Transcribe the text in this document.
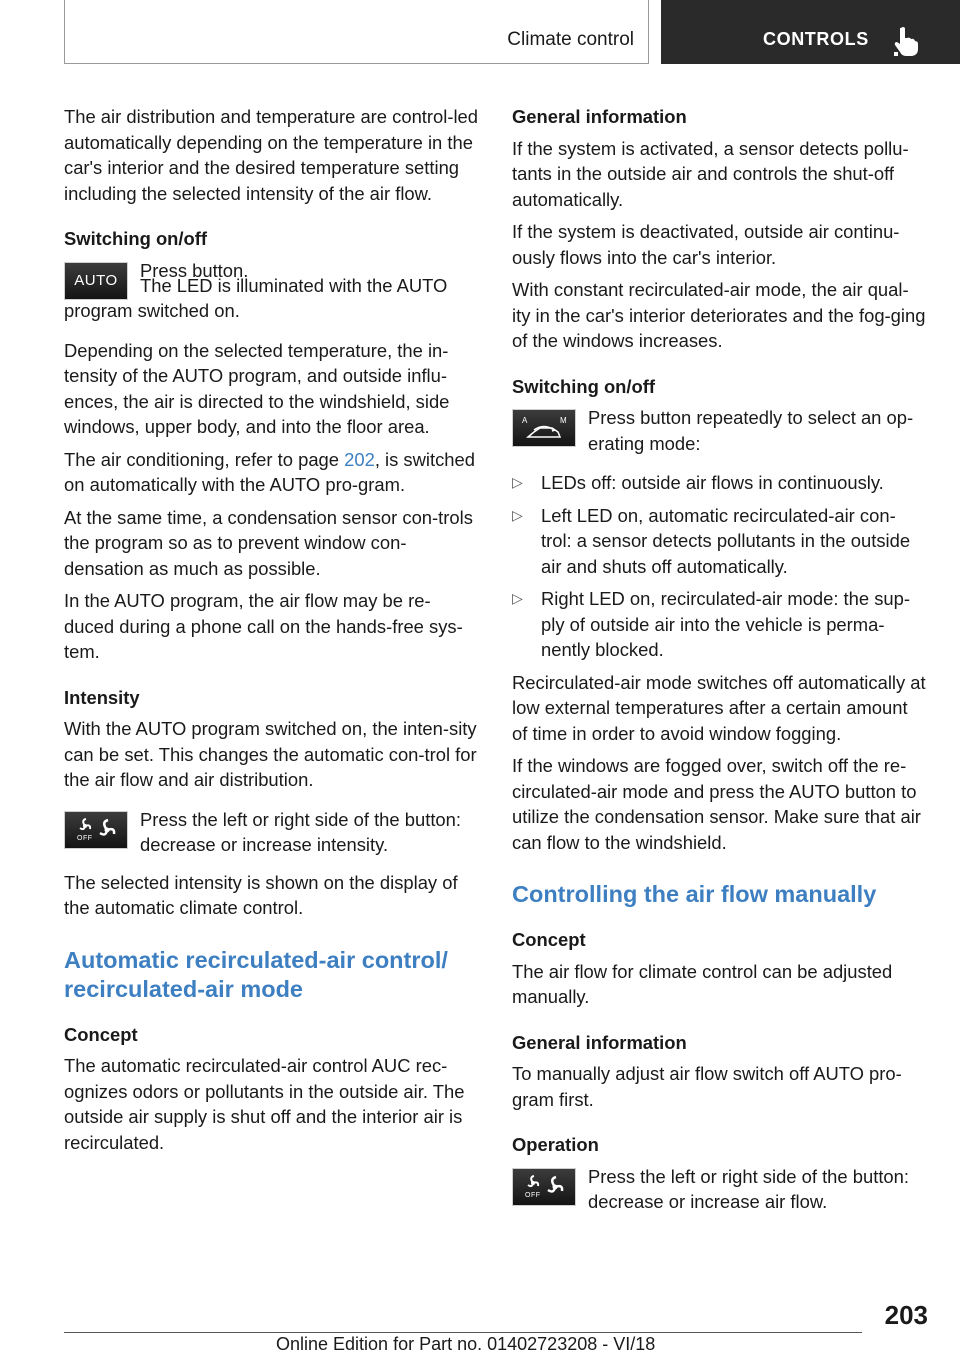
Climate control	CONTROLS

The air distribution and temperature are control-led automatically depending on the temperature in the car's interior and the desired temperature setting including the selected intensity of the air flow.

Switching on/off
AUTO Press button.

The LED is illuminated with the AUTO program switched on.

Depending on the selected temperature, the in-tensity of the AUTO program, and outside influ-ences, the air is directed to the windshield, side windows, upper body, and into the floor area.

The air conditioning, refer to page 202, is switched on automatically with the AUTO pro-gram.

At the same time, a condensation sensor con-trols the program so as to prevent window con-densation as much as possible.

In the AUTO program, the air flow may be re-duced during a phone call on the hands-free sys-tem.

Intensity

With the AUTO program switched on, the inten-sity can be set. This changes the automatic con-trol for the air flow and air distribution.

OFF

Press the left or right side of the button: decrease or increase intensity.

The selected intensity is shown on the display of the automatic climate control.

Automatic recirculated-air control/
recirculated-air mode
Concept

The automatic recirculated-air control AUC rec-ognizes odors or pollutants in the outside air. The outside air supply is shut off and the interior air is recirculated.

General information

If the system is activated, a sensor detects pollu-tants in the outside air and controls the shut-off automatically.

If the system is deactivated, outside air continu-ously flows into the car's interior.

With constant recirculated-air mode, the air qual-ity in the car's interior deteriorates and the fog-ging of the windows increases.

Switching on/off
A	M Press button repeatedly to select an op-erating mode:

▷ LEDs off: outside air flows in continuously.
▷ Left LED on, automatic recirculated-air con-trol: a sensor detects pollutants in the outside air and shuts off automatically.
▷ Right LED on, recirculated-air mode: the sup-ply of outside air into the vehicle is perma-nently blocked.

Recirculated-air mode switches off automatically at low external temperatures after a certain amount of time in order to avoid window fogging.

If the windows are fogged over, switch off the re-circulated-air mode and press the AUTO button to utilize the condensation sensor. Make sure that air can flow to the windshield.

Controlling the air flow manually
Concept

The air flow for climate control can be adjusted manually.

General information

To manually adjust air flow switch off AUTO pro-gram first.

Operation
OFF

Press the left or right side of the button: decrease or increase air flow.

203
Online Edition for Part no. 01402723208 - VI/18
